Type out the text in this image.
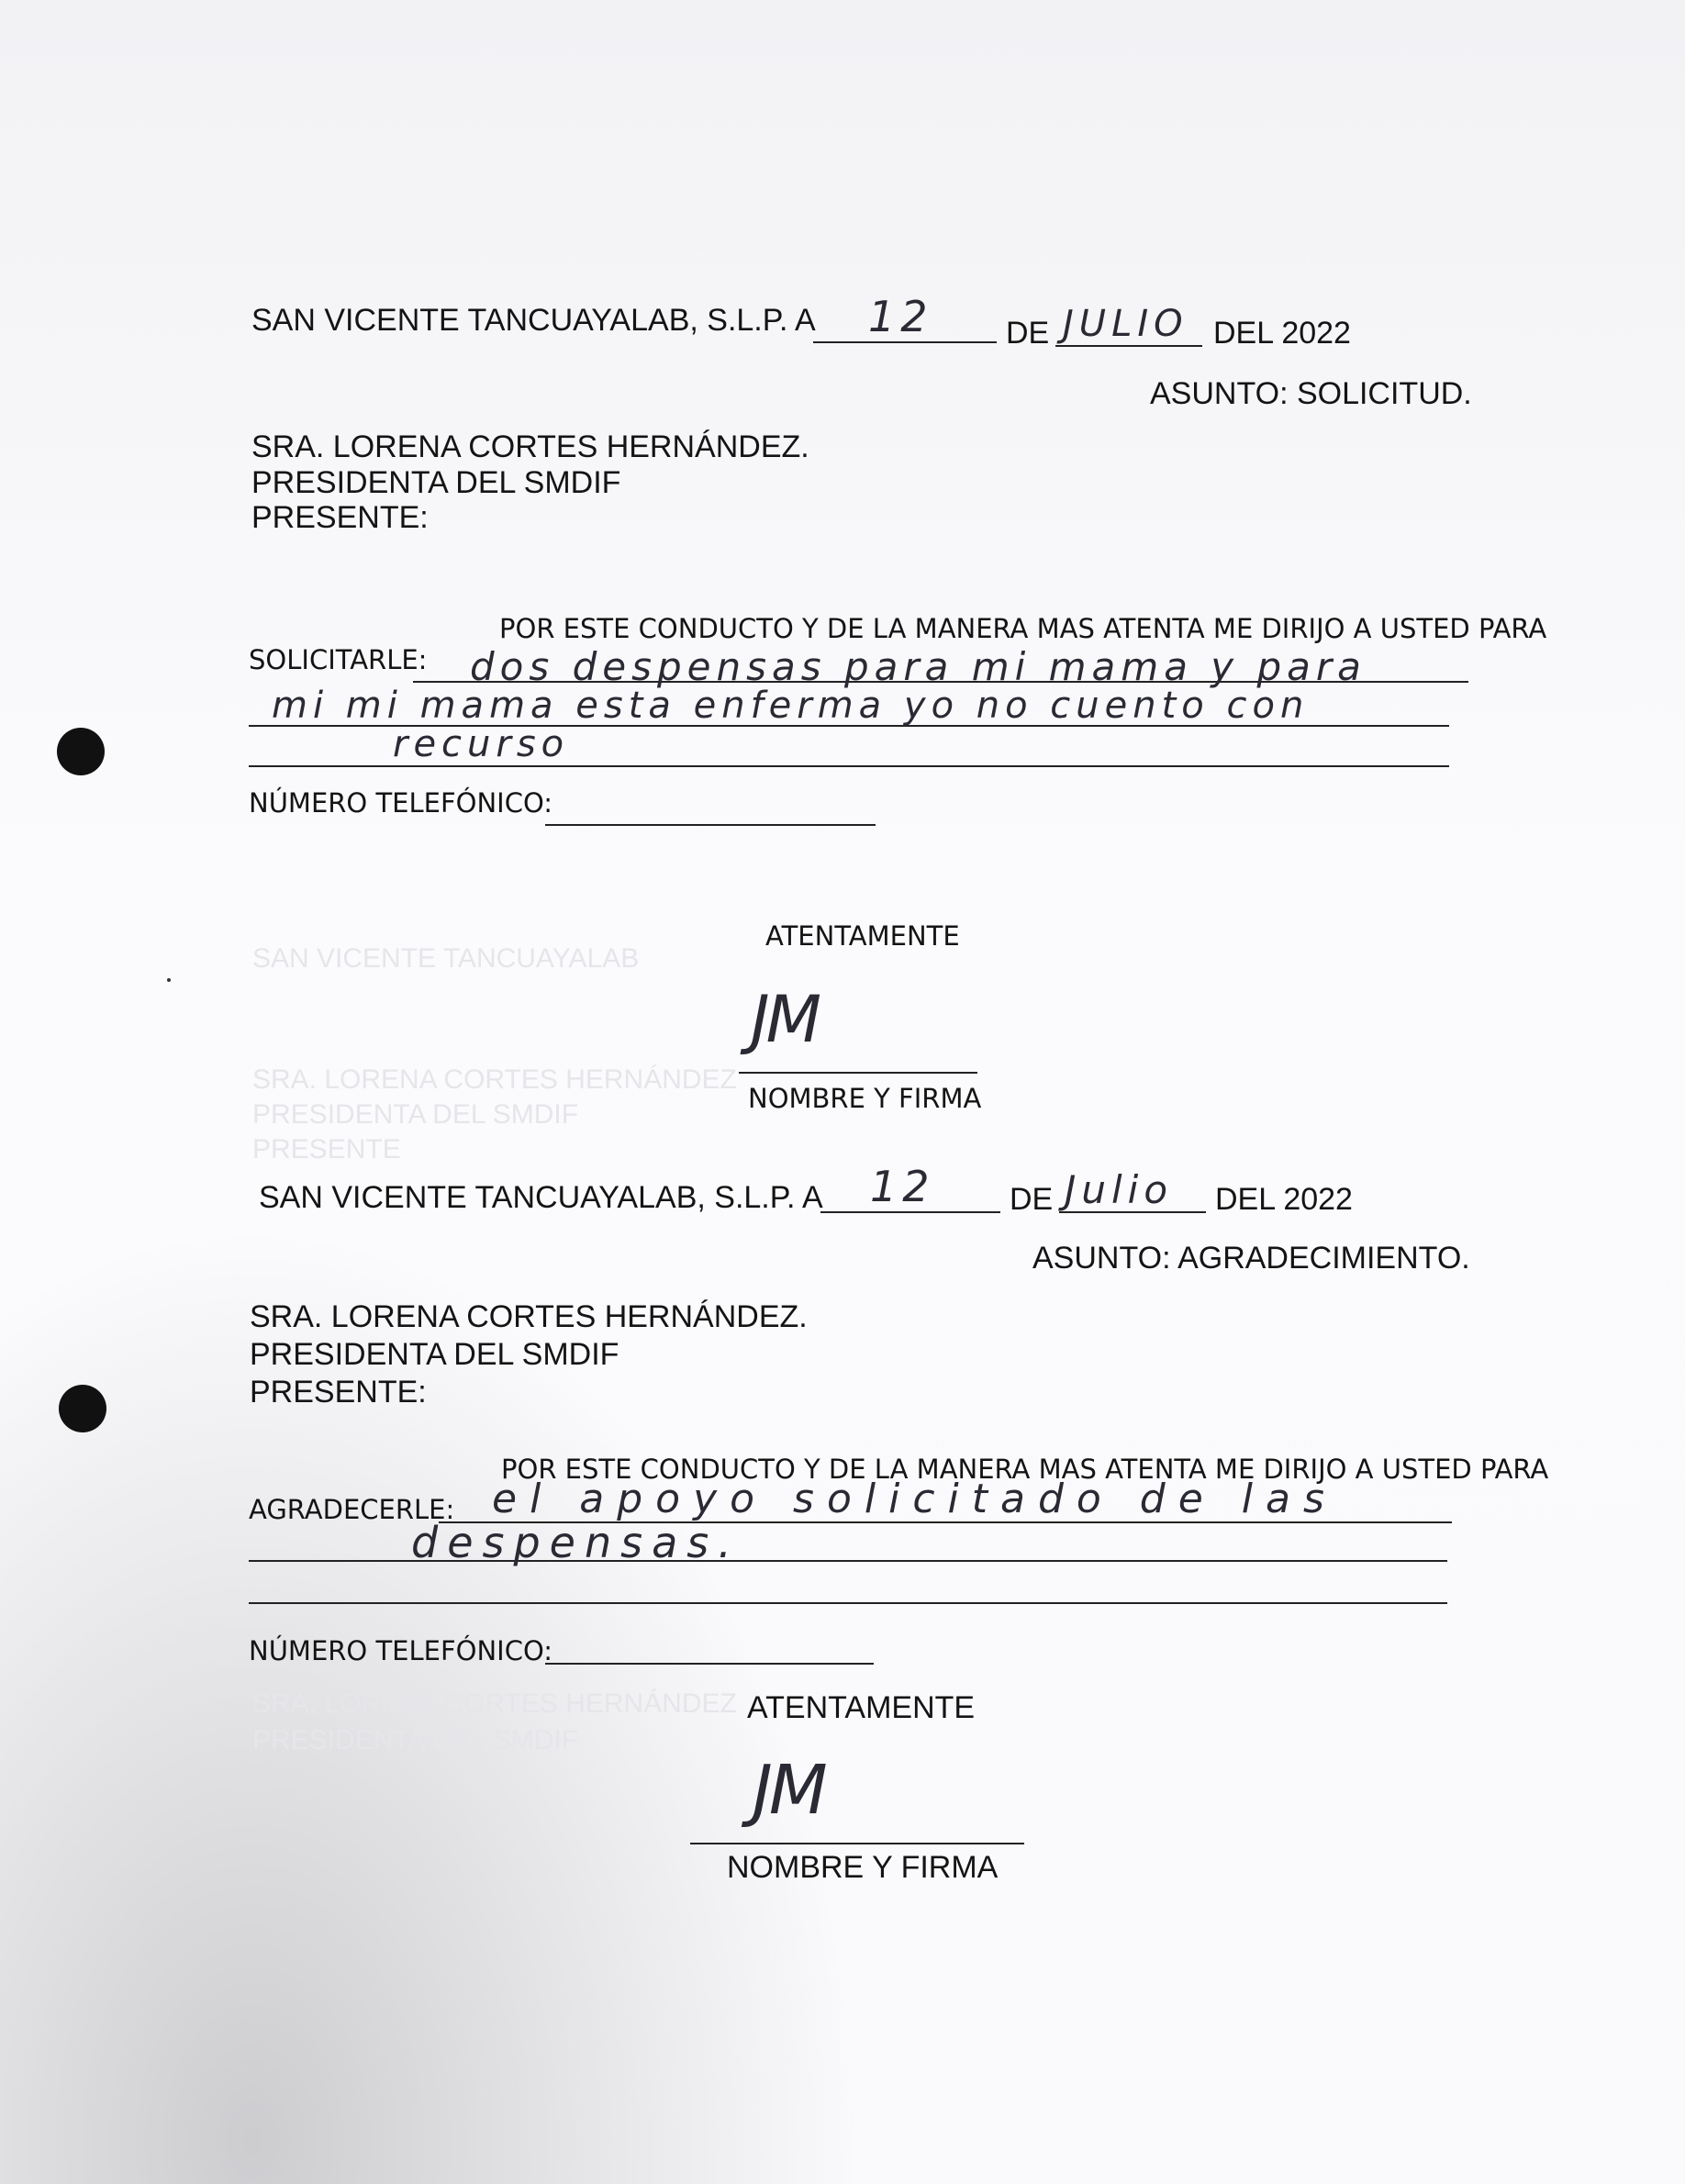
SAN VICENTE TANCUAYALAB, S.L.P. A 12 DE JULIO DEL 2022
ASUNTO: SOLICITUD.
SRA. LORENA CORTES HERNÁNDEZ.
PRESIDENTA DEL SMDIF
PRESENTE:
POR ESTE CONDUCTO Y DE LA MANERA MAS ATENTA ME DIRIJO A USTED PARA
SOLICITARLE: dos despensas para mi mama y para
mi mi mama esta enferma yo no cuento con
recurso
NÚMERO TELEFÓNICO:
ATENTAMENTE
JM
NOMBRE Y FIRMA
SAN VICENTE TANCUAYALAB
SRA. LORENA CORTES HERNÁNDEZ
PRESIDENTA DEL SMDIF
PRESENTE
SRA. LORENA CORTES HERNÁNDEZ
PRESIDENTA DEL SMDIF
SAN VICENTE TANCUAYALAB, S.L.P. A 12 DE Julio DEL 2022
ASUNTO: AGRADECIMIENTO.
SRA. LORENA CORTES HERNÁNDEZ.
PRESIDENTA DEL SMDIF
PRESENTE:
POR ESTE CONDUCTO Y DE LA MANERA MAS ATENTA ME DIRIJO A USTED PARA
AGRADECERLE: el apoyo solicitado de las
despensas.
NÚMERO TELEFÓNICO:
ATENTAMENTE
JM
NOMBRE Y FIRMA
